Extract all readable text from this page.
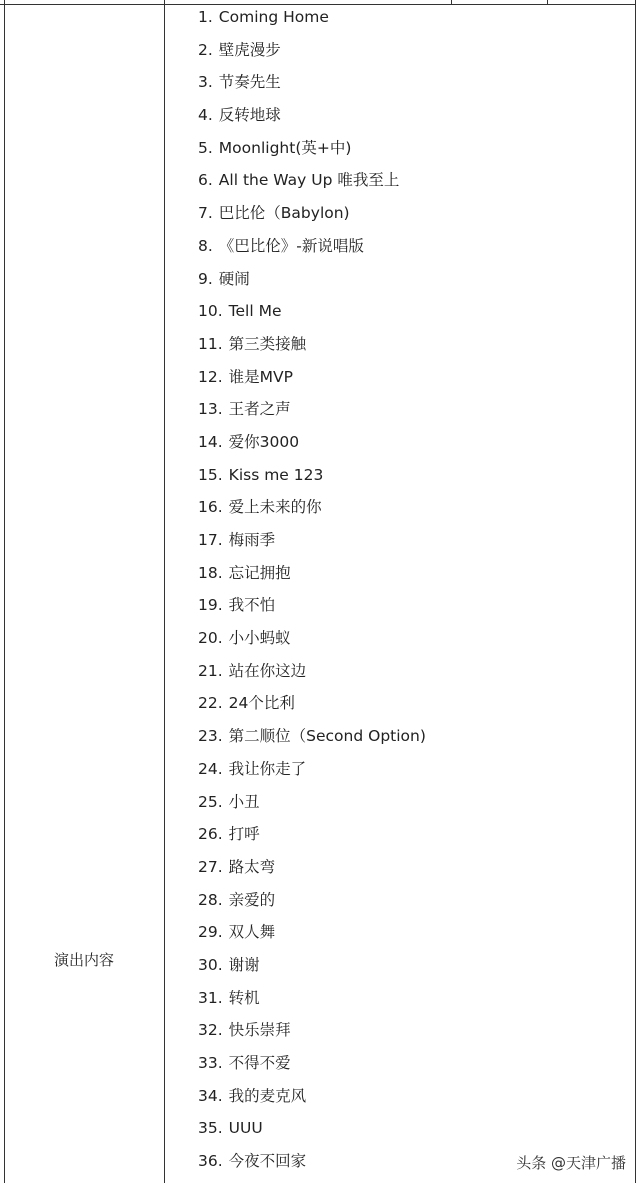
演出内容
1. Coming Home
2. 壁虎漫步
3. 节奏先生
4. 反转地球
5. Moonlight(英+中)
6. All the Way Up 唯我至上
7. 巴比伦（Babylon)
8. 《巴比伦》-新说唱版
9. 硬闹
10. Tell Me
11. 第三类接触
12. 谁是MVP
13. 王者之声
14. 爱你3000
15. Kiss me 123
16. 爱上未来的你
17. 梅雨季
18. 忘记拥抱
19. 我不怕
20. 小小蚂蚁
21. 站在你这边
22. 24个比利
23. 第二顺位（Second Option)
24. 我让你走了
25. 小丑
26. 打呼
27. 路太弯
28. 亲爱的
29. 双人舞
30. 谢谢
31. 转机
32. 快乐崇拜
33. 不得不爱
34. 我的麦克风
35. UUU
36. 今夜不回家	头条 @天津广播
